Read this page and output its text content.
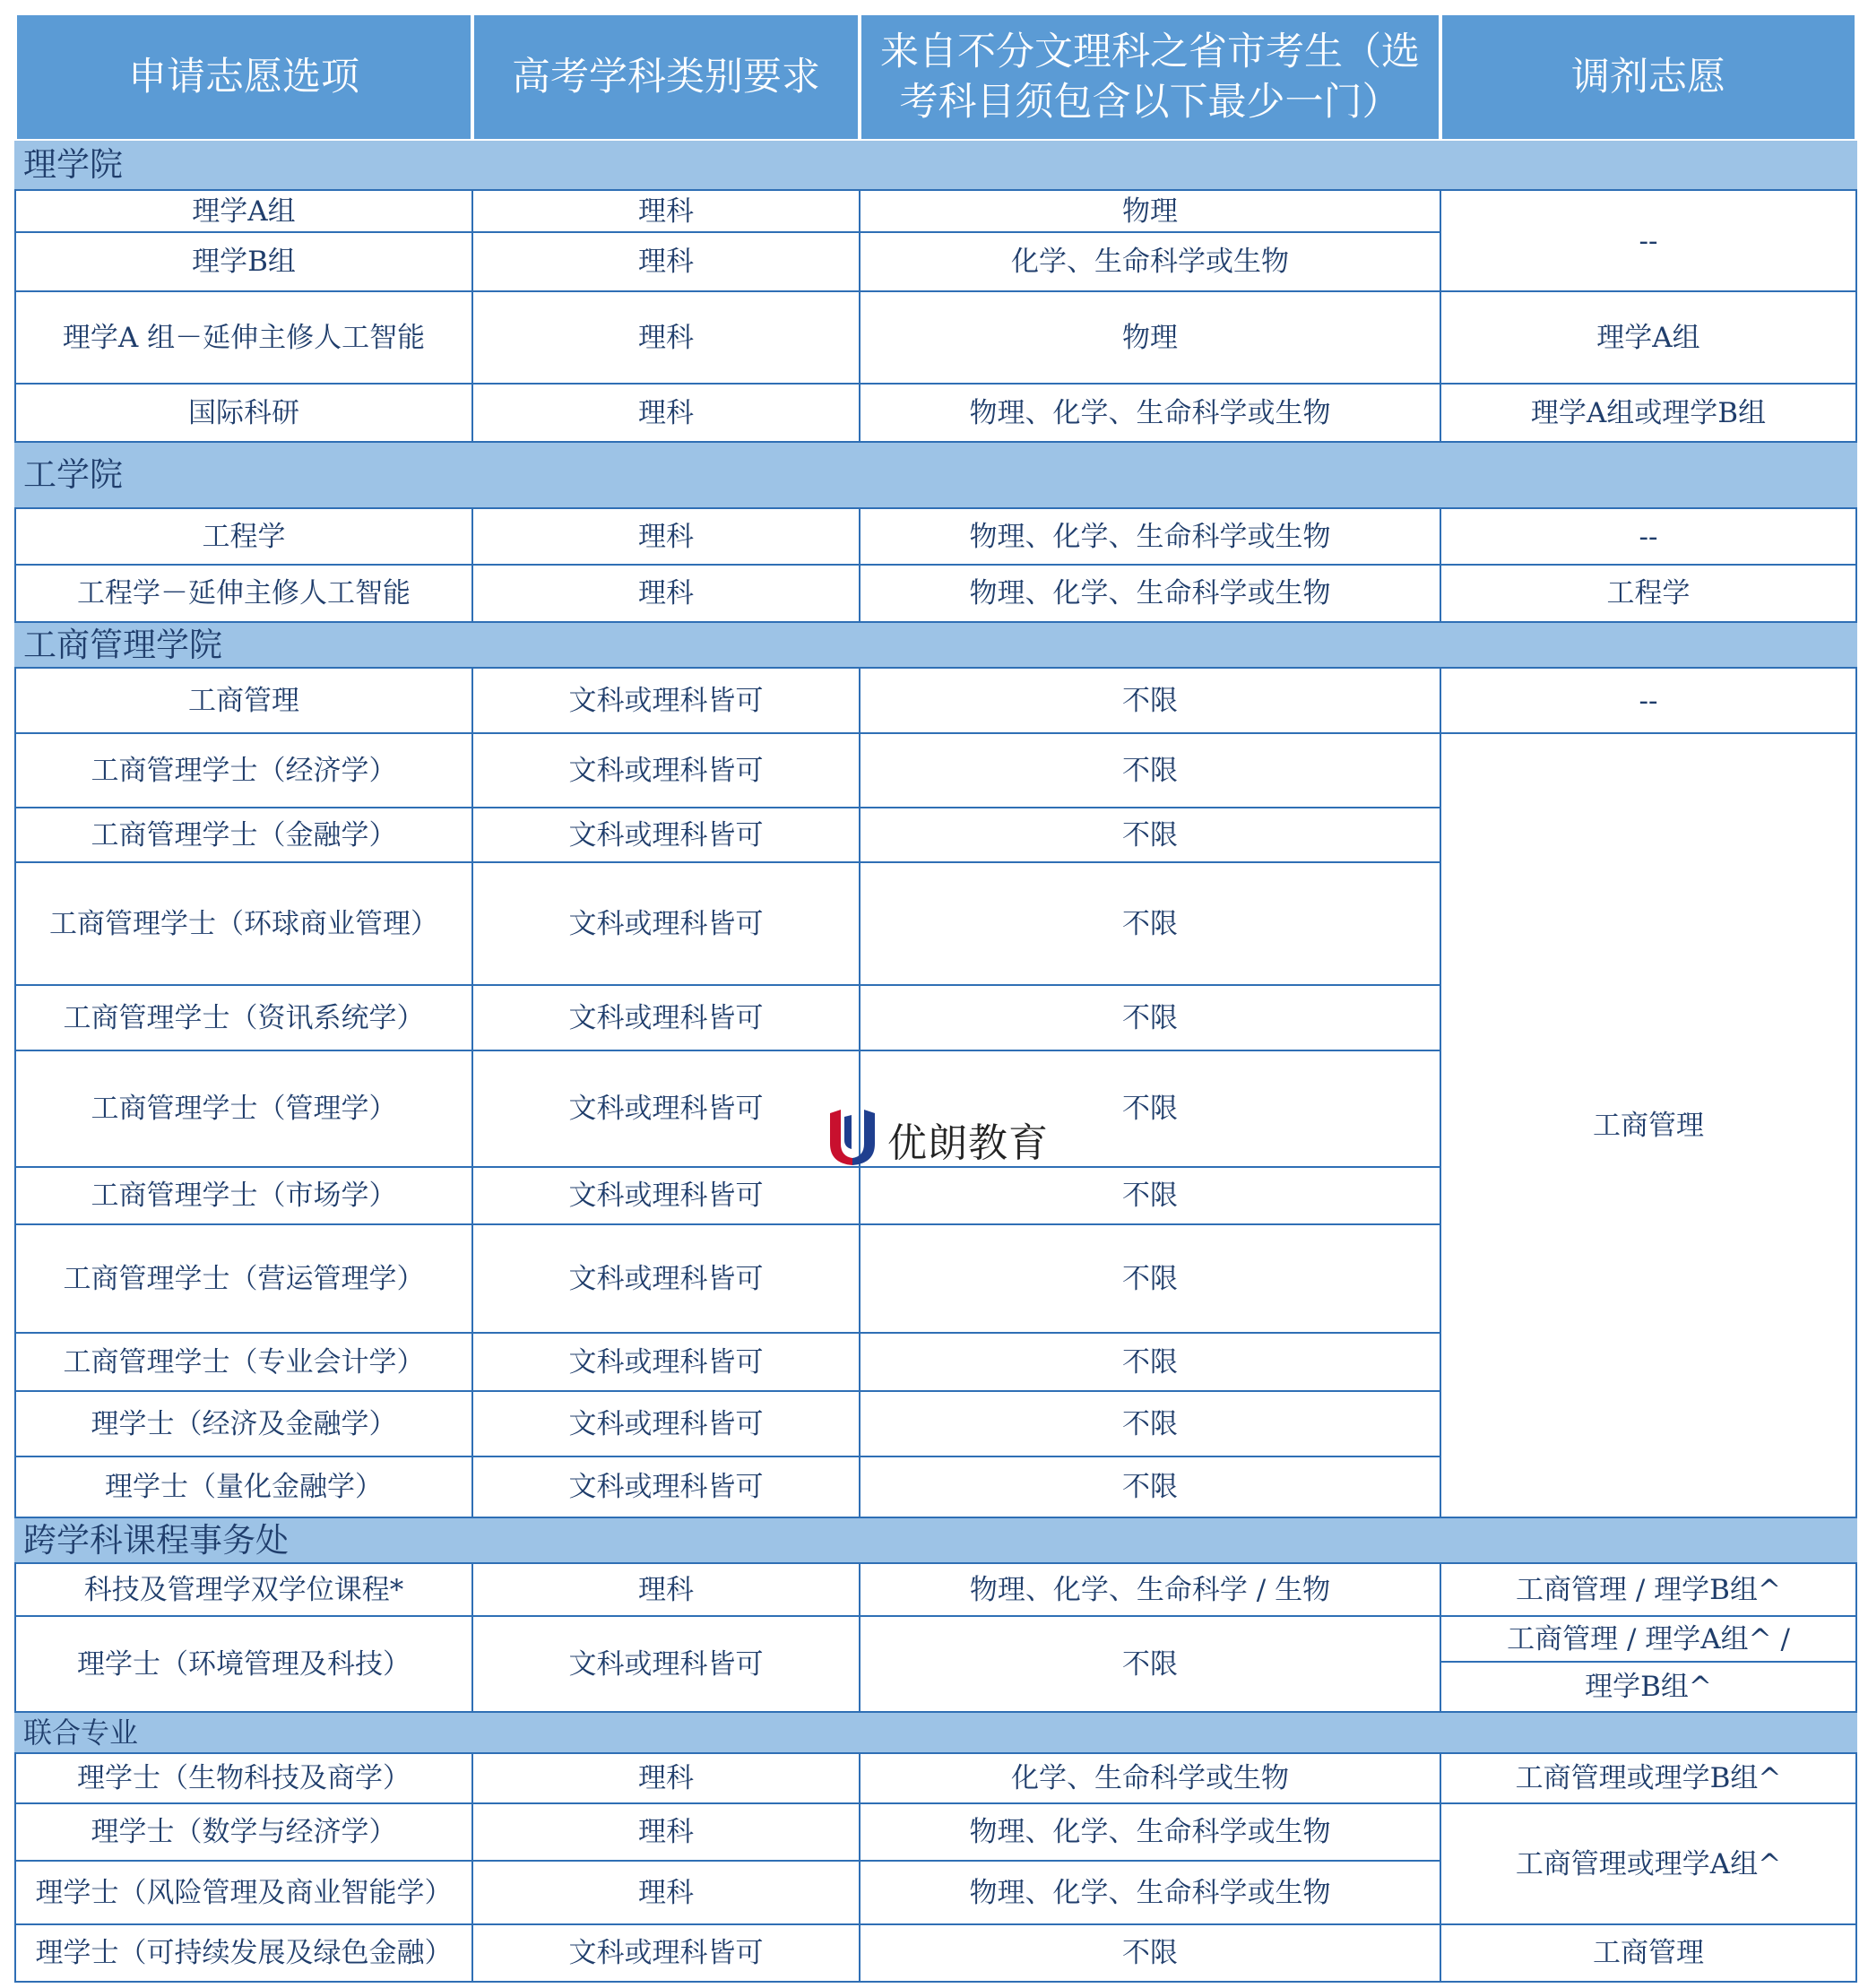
申请志愿选项	高考学科类别要求	来自不分文理科之省市考生（选考科目须包含以下最少一门）	调剂志愿
理学院			
理学A组	理科	物理	--
理学B组	理科	化学、生命科学或生物	
理学A 组－延伸主修人工智能	理科	物理	理学A组
国际科研	理科	物理、化学、生命科学或生物	理学A组或理学B组
工学院			
工程学	理科	物理、化学、生命科学或生物	--
工程学－延伸主修人工智能	理科	物理、化学、生命科学或生物	工程学
工商管理学院			
工商管理	文科或理科皆可	不限	--
工商管理学士（经济学）	文科或理科皆可	不限	工商管理
工商管理学士（金融学）	文科或理科皆可	不限	
工商管理学士（环球商业管理）	文科或理科皆可	不限	
工商管理学士（资讯系统学）	文科或理科皆可	不限	
工商管理学士（管理学）	文科或理科皆可	不限	
工商管理学士（市场学）	文科或理科皆可	不限	
工商管理学士（营运管理学）	文科或理科皆可	不限	
工商管理学士（专业会计学）	文科或理科皆可	不限	
理学士（经济及金融学）	文科或理科皆可	不限	
理学士（量化金融学）	文科或理科皆可	不限	
跨学科课程事务处			
科技及管理学双学位课程*	理科	物理、化学、生命科学 / 生物	工商管理 / 理学B组^
理学士（环境管理及科技）	文科或理科皆可	不限	工商管理 / 理学A组^ /
			理学B组^
联合专业			
理学士（生物科技及商学）	理科	化学、生命科学或生物	工商管理或理学B组^
理学士（数学与经济学）	理科	物理、化学、生命科学或生物	工商管理或理学A组^
理学士（风险管理及商业智能学）	理科	物理、化学、生命科学或生物	
理学士（可持续发展及绿色金融）	文科或理科皆可	不限	工商管理
优朗教育
